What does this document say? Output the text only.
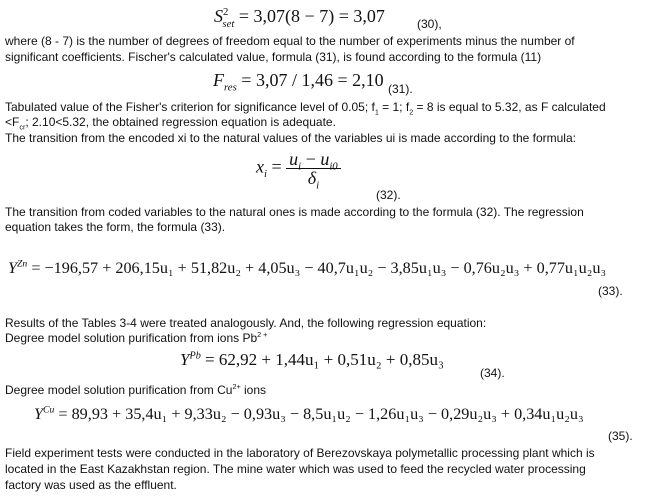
$S^2_{set} = 3,07(8 - 7) = 3,07$	(30),
where (8 - 7) is the number of degrees of freedom equal to the number of experiments minus the number of
significant coefficients. Fischer's calculated value, formula (31), is found according to the formula (11)
$F_{res} = 3,07 / 1,46 = 2,10$ (31).
Tabulated value of the Fisher's criterion for significance level of 0.05; $f_1 = 1$; $f_2 = 8$ is equal to 5.32, as F calculated
$<F_{cr}$; 2.10<5.32, the obtained regression equation is adequate.
The transition from the encoded xi to the natural values of the variables ui is made according to the formula:
$x_i = \frac{u_i - u_{i0}}{\delta_i}$
(32).
The transition from coded variables to the natural ones is made according to the formula (32). The regression
equation takes the form, the formula (33).
$Y^{Zn} = -196,57 + 206,15u_1 + 51,82u_2 + 4,05u_3 - 40,7u_1u_2 - 3,85u_1u_3 - 0,76u_2u_3 + 0,77u_1u_2u_3$
(33).
Results of the Tables 3-4 were treated analogously. And, the following regression equation:
Degree model solution purification from ions $Pb^{2 +}$
$Y^{Pb} = 62,92 + 1,44u_1 + 0,51u_2 + 0,85u_3$
(34).
Degree model solution purification from $Cu^{2+}$ ions
$Y^{Cu} = 89,93 + 35,4u_1 + 9,33u_2 - 0,93u_3 - 8,5u_1u_2 - 1,26u_1u_3 - 0,29u_2u_3 + 0,34u_1u_2u_3$
(35).
Field experiment tests were conducted in the laboratory of Berezovskaya polymetallic processing plant which is
located in the East Kazakhstan region. The mine water which was used to feed the recycled water processing
factory was used as the effluent.
